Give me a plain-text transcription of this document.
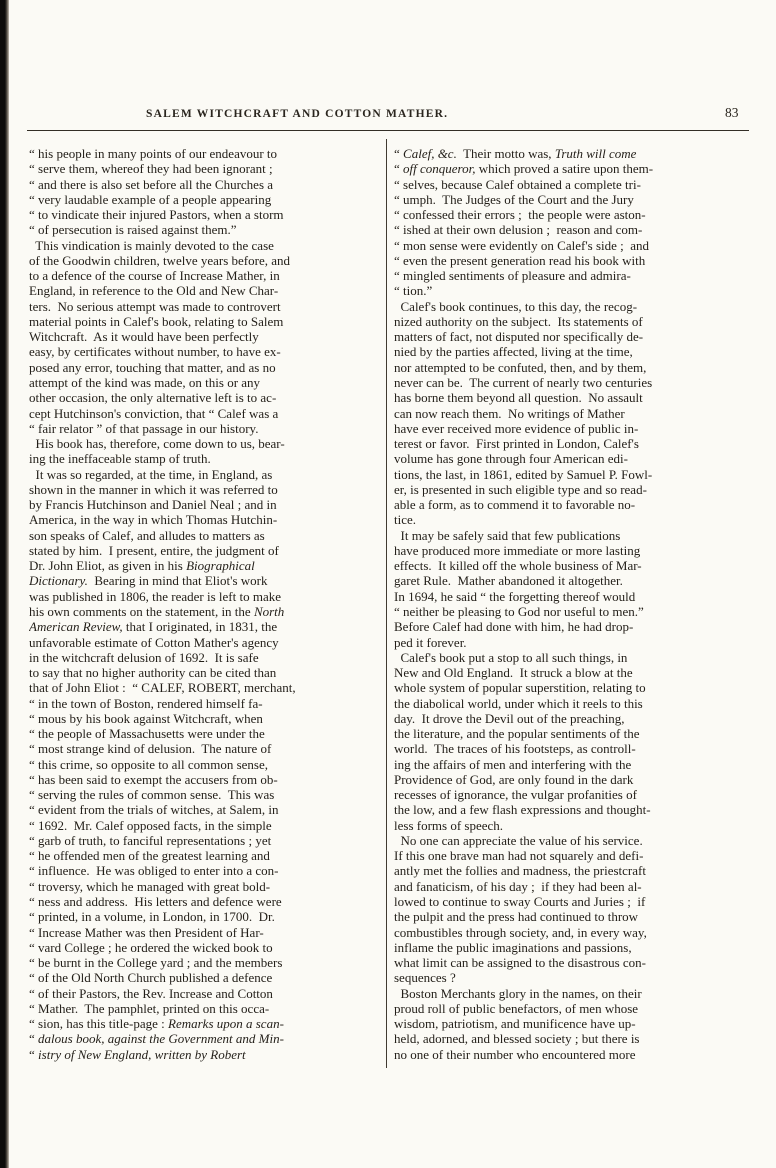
SALEM WITCHCRAFT AND COTTON MATHER.	83
“ his people in many points of our endeavour to
“ serve them, whereof they had been ignorant ;
“ and there is also set before all the Churches a
“ very laudable example of a people appearing
“ to vindicate their injured Pastors, when a storm
“ of persecution is raised against them.”
This vindication is mainly devoted to the case
of the Goodwin children, twelve years before, and
to a defence of the course of Increase Mather, in
England, in reference to the Old and New Char-
ters.  No serious attempt was made to controvert
material points in Calef's book, relating to Salem
Witchcraft.  As it would have been perfectly
easy, by certificates without number, to have ex-
posed any error, touching that matter, and as no
attempt of the kind was made, on this or any
other occasion, the only alternative left is to ac-
cept Hutchinson's conviction, that “ Calef was a
“ fair relator ” of that passage in our history.
His book has, therefore, come down to us, bear-
ing the ineffaceable stamp of truth.
It was so regarded, at the time, in England, as
shown in the manner in which it was referred to
by Francis Hutchinson and Daniel Neal ; and in
America, in the way in which Thomas Hutchin-
son speaks of Calef, and alludes to matters as
stated by him.  I present, entire, the judgment of
Dr. John Eliot, as given in his Biographical
Dictionary.  Bearing in mind that Eliot's work
was published in 1806, the reader is left to make
his own comments on the statement, in the North
American Review, that I originated, in 1831, the
unfavorable estimate of Cotton Mather's agency
in the witchcraft delusion of 1692.  It is safe
to say that no higher authority can be cited than
that of John Eliot :  “ CALEF, ROBERT, merchant,
“ in the town of Boston, rendered himself fa-
“ mous by his book against Witchcraft, when
“ the people of Massachusetts were under the
“ most strange kind of delusion.  The nature of
“ this crime, so opposite to all common sense,
“ has been said to exempt the accusers from ob-
“ serving the rules of common sense.  This was
“ evident from the trials of witches, at Salem, in
“ 1692.  Mr. Calef opposed facts, in the simple
“ garb of truth, to fanciful representations ; yet
“ he offended men of the greatest learning and
“ influence.  He was obliged to enter into a con-
“ troversy, which he managed with great bold-
“ ness and address.  His letters and defence were
“ printed, in a volume, in London, in 1700.  Dr.
“ Increase Mather was then President of Har-
“ vard College ; he ordered the wicked book to
“ be burnt in the College yard ; and the members
“ of the Old North Church published a defence
“ of their Pastors, the Rev. Increase and Cotton
“ Mather.  The pamphlet, printed on this occa-
“ sion, has this title-page : Remarks upon a scan-
“ dalous book, against the Government and Min-
“ istry of New England, written by Robert
“ Calef, &c.  Their motto was, Truth will come
“ off conqueror, which proved a satire upon them-
“ selves, because Calef obtained a complete tri-
“ umph.  The Judges of the Court and the Jury
“ confessed their errors ;  the people were aston-
“ ished at their own delusion ;  reason and com-
“ mon sense were evidently on Calef's side ;  and
“ even the present generation read his book with
“ mingled sentiments of pleasure and admira-
“ tion.”
Calef's book continues, to this day, the recog-
nized authority on the subject.  Its statements of
matters of fact, not disputed nor specifically de-
nied by the parties affected, living at the time,
nor attempted to be confuted, then, and by them,
never can be.  The current of nearly two centuries
has borne them beyond all question.  No assault
can now reach them.  No writings of Mather
have ever received more evidence of public in-
terest or favor.  First printed in London, Calef's
volume has gone through four American edi-
tions, the last, in 1861, edited by Samuel P. Fowl-
er, is presented in such eligible type and so read-
able a form, as to commend it to favorable no-
tice.
It may be safely said that few publications
have produced more immediate or more lasting
effects.  It killed off the whole business of Mar-
garet Rule.  Mather abandoned it altogether.
In 1694, he said “ the forgetting thereof would
“ neither be pleasing to God nor useful to men.”
Before Calef had done with him, he had drop-
ped it forever.
Calef's book put a stop to all such things, in
New and Old England.  It struck a blow at the
whole system of popular superstition, relating to
the diabolical world, under which it reels to this
day.  It drove the Devil out of the preaching,
the literature, and the popular sentiments of the
world.  The traces of his footsteps, as controll-
ing the affairs of men and interfering with the
Providence of God, are only found in the dark
recesses of ignorance, the vulgar profanities of
the low, and a few flash expressions and thought-
less forms of speech.
No one can appreciate the value of his service.
If this one brave man had not squarely and defi-
antly met the follies and madness, the priestcraft
and fanaticism, of his day ;  if they had been al-
lowed to continue to sway Courts and Juries ;  if
the pulpit and the press had continued to throw
combustibles through society, and, in every way,
inflame the public imaginations and passions,
what limit can be assigned to the disastrous con-
sequences ?
Boston Merchants glory in the names, on their
proud roll of public benefactors, of men whose
wisdom, patriotism, and munificence have up-
held, adorned, and blessed society ; but there is
no one of their number who encountered more
